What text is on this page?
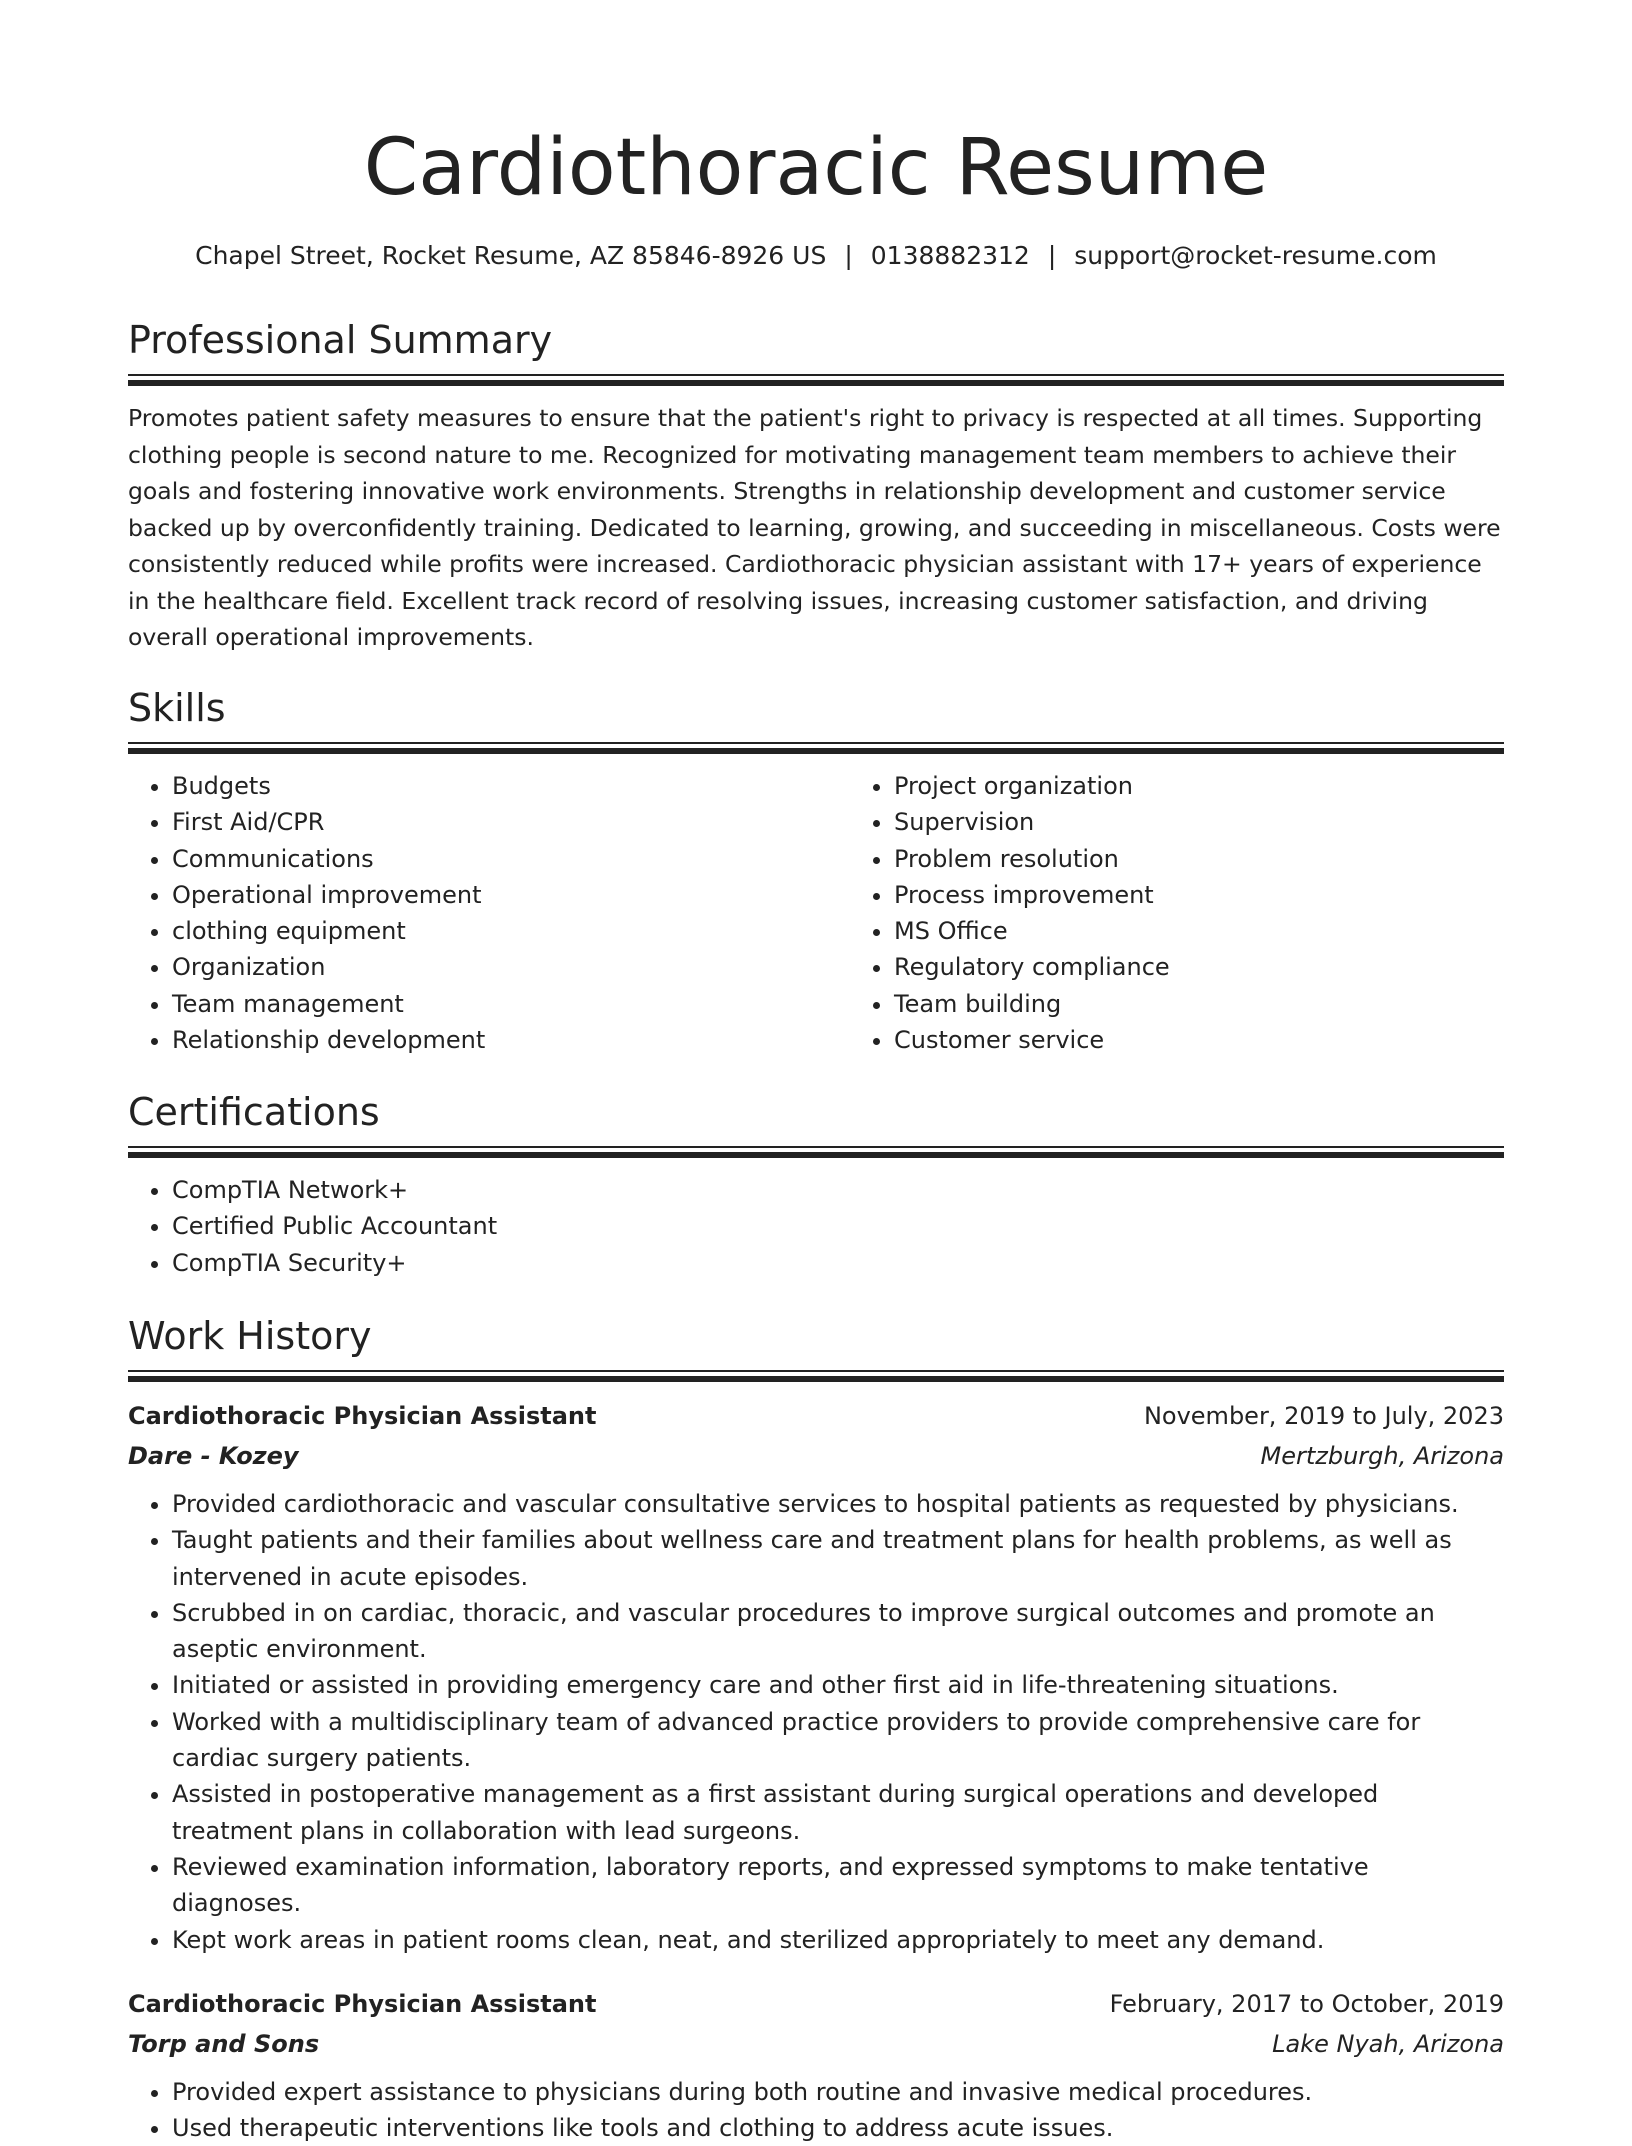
Cardiothoracic Resume
Chapel Street, Rocket Resume, AZ 85846-8926 US | 0138882312 | support@rocket-resume.com
Professional Summary

Promotes patient safety measures to ensure that the patient's right to privacy is respected at all times. Supporting clothing people is second nature to me. Recognized for motivating management team members to achieve their goals and fostering innovative work environments. Strengths in relationship development and customer service backed up by overconfidently training. Dedicated to learning, growing, and succeeding in miscellaneous. Costs were consistently reduced while profits were increased. Cardiothoracic physician assistant with 17+ years of experience in the healthcare field. Excellent track record of resolving issues, increasing customer satisfaction, and driving overall operational improvements.

Skills
• Budgets
• First Aid/CPR
• Communications
• Operational improvement
• clothing equipment
• Organization
• Team management
• Relationship development
• Project organization
• Supervision
• Problem resolution
• Process improvement
• MS Office
• Regulatory compliance
• Team building
• Customer service
Certifications
• CompTIA Network+
• Certified Public Accountant
• CompTIA Security+
Work History
Cardiothoracic Physician Assistant	November, 2019 to July, 2023
Dare - Kozey	Mertzburgh, Arizona
• Provided cardiothoracic and vascular consultative services to hospital patients as requested by physicians.
• Taught patients and their families about wellness care and treatment plans for health problems, as well as intervened in acute episodes.
• Scrubbed in on cardiac, thoracic, and vascular procedures to improve surgical outcomes and promote an aseptic environment.
• Initiated or assisted in providing emergency care and other first aid in life-threatening situations.
• Worked with a multidisciplinary team of advanced practice providers to provide comprehensive care for cardiac surgery patients.
• Assisted in postoperative management as a first assistant during surgical operations and developed treatment plans in collaboration with lead surgeons.
• Reviewed examination information, laboratory reports, and expressed symptoms to make tentative diagnoses.
• Kept work areas in patient rooms clean, neat, and sterilized appropriately to meet any demand.
Cardiothoracic Physician Assistant	February, 2017 to October, 2019
Torp and Sons	Lake Nyah, Arizona
• Provided expert assistance to physicians during both routine and invasive medical procedures.
• Used therapeutic interventions like tools and clothing to address acute issues.
